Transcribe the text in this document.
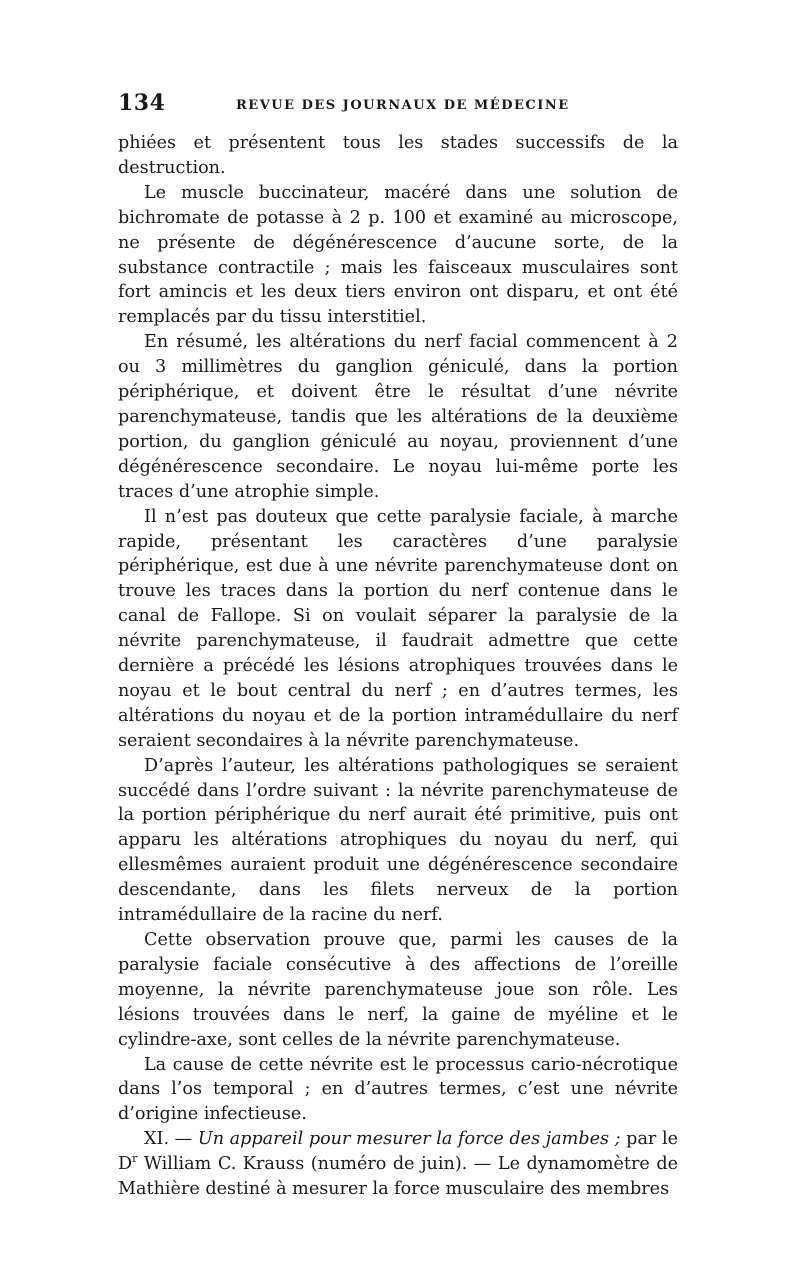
134	REVUE DES JOURNAUX DE MÉDECINE

phiées et présentent tous les stades successifs de la destruction.

Le muscle buccinateur, macéré dans une solution de bichromate de potasse à 2 p. 100 et examiné au microscope, ne présente de dégénérescence d’aucune sorte, de la substance contractile ; mais les faisceaux musculaires sont fort amincis et les deux tiers environ ont disparu, et ont été remplacés par du tissu interstitiel.

En résumé, les altérations du nerf facial commencent à 2 ou 3 millimètres du ganglion géniculé, dans la portion périphérique, et doivent être le résultat d’une névrite parenchymateuse, tandis que les altérations de la deuxième portion, du ganglion géniculé au noyau, proviennent d’une dégénérescence secondaire. Le noyau lui-même porte les traces d’une atrophie simple.

Il n’est pas douteux que cette paralysie faciale, à marche rapide, présentant les caractères d’une paralysie périphérique, est due à une névrite parenchymateuse dont on trouve les traces dans la portion du nerf contenue dans le canal de Fallope. Si on voulait séparer la paralysie de la névrite parenchymateuse, il faudrait admettre que cette dernière a précédé les lésions atrophiques trouvées dans le noyau et le bout central du nerf ; en d’autres termes, les altérations du noyau et de la portion intramédullaire du nerf seraient secondaires à la névrite parenchymateuse.

D’après l’auteur, les altérations pathologiques se seraient succédé dans l’ordre suivant : la névrite parenchymateuse de la portion périphérique du nerf aurait été primitive, puis ont apparu les altérations atrophiques du noyau du nerf, qui ellesmêmes auraient produit une dégénérescence secondaire descendante, dans les filets nerveux de la portion intramédullaire de la racine du nerf.

Cette observation prouve que, parmi les causes de la paralysie faciale consécutive à des affections de l’oreille moyenne, la névrite parenchymateuse joue son rôle. Les lésions trouvées dans le nerf, la gaine de myéline et le cylindre-axe, sont celles de la névrite parenchymateuse.

La cause de cette névrite est le processus cario-nécrotique dans l’os temporal ; en d’autres termes, c’est une névrite d’origine infectieuse.

XI. — Un appareil pour mesurer la force des jambes ; par le $D^r$ William C. Krauss (numéro de juin). — Le dynamomètre de Mathière destiné à mesurer la force musculaire des membres
